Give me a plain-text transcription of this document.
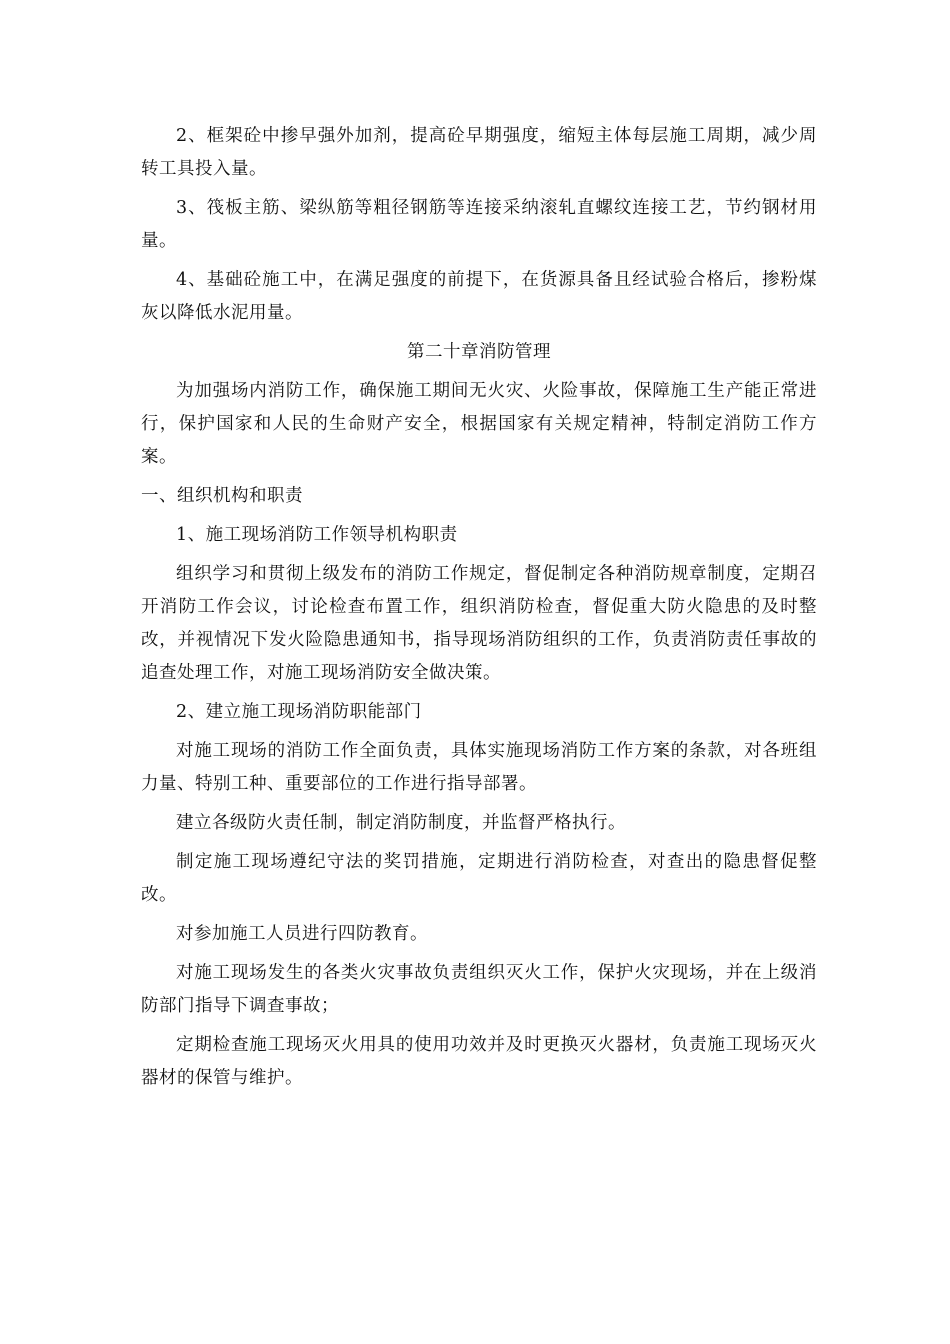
2、框架砼中掺早强外加剂，提高砼早期强度，缩短主体每层施工周期，减少周转工具投入量。

3、筏板主筋、梁纵筋等粗径钢筋等连接采纳滚轧直螺纹连接工艺，节约钢材用量。

4、基础砼施工中，在满足强度的前提下，在货源具备且经试验合格后，掺粉煤灰以降低水泥用量。

第二十章消防管理

为加强场内消防工作，确保施工期间无火灾、火险事故，保障施工生产能正常进行，保护国家和人民的生命财产安全，根据国家有关规定精神，特制定消防工作方案。

一、组织机构和职责

1、施工现场消防工作领导机构职责

组织学习和贯彻上级发布的消防工作规定，督促制定各种消防规章制度，定期召开消防工作会议，讨论检查布置工作，组织消防检查，督促重大防火隐患的及时整改，并视情况下发火险隐患通知书，指导现场消防组织的工作，负责消防责任事故的追查处理工作，对施工现场消防安全做决策。

2、建立施工现场消防职能部门

对施工现场的消防工作全面负责，具体实施现场消防工作方案的条款，对各班组力量、特别工种、重要部位的工作进行指导部署。

建立各级防火责任制，制定消防制度，并监督严格执行。

制定施工现场遵纪守法的奖罚措施，定期进行消防检查，对查出的隐患督促整改。

对参加施工人员进行四防教育。

对施工现场发生的各类火灾事故负责组织灭火工作，保护火灾现场，并在上级消防部门指导下调查事故；

定期检查施工现场灭火用具的使用功效并及时更换灭火器材，负责施工现场灭火器材的保管与维护。
